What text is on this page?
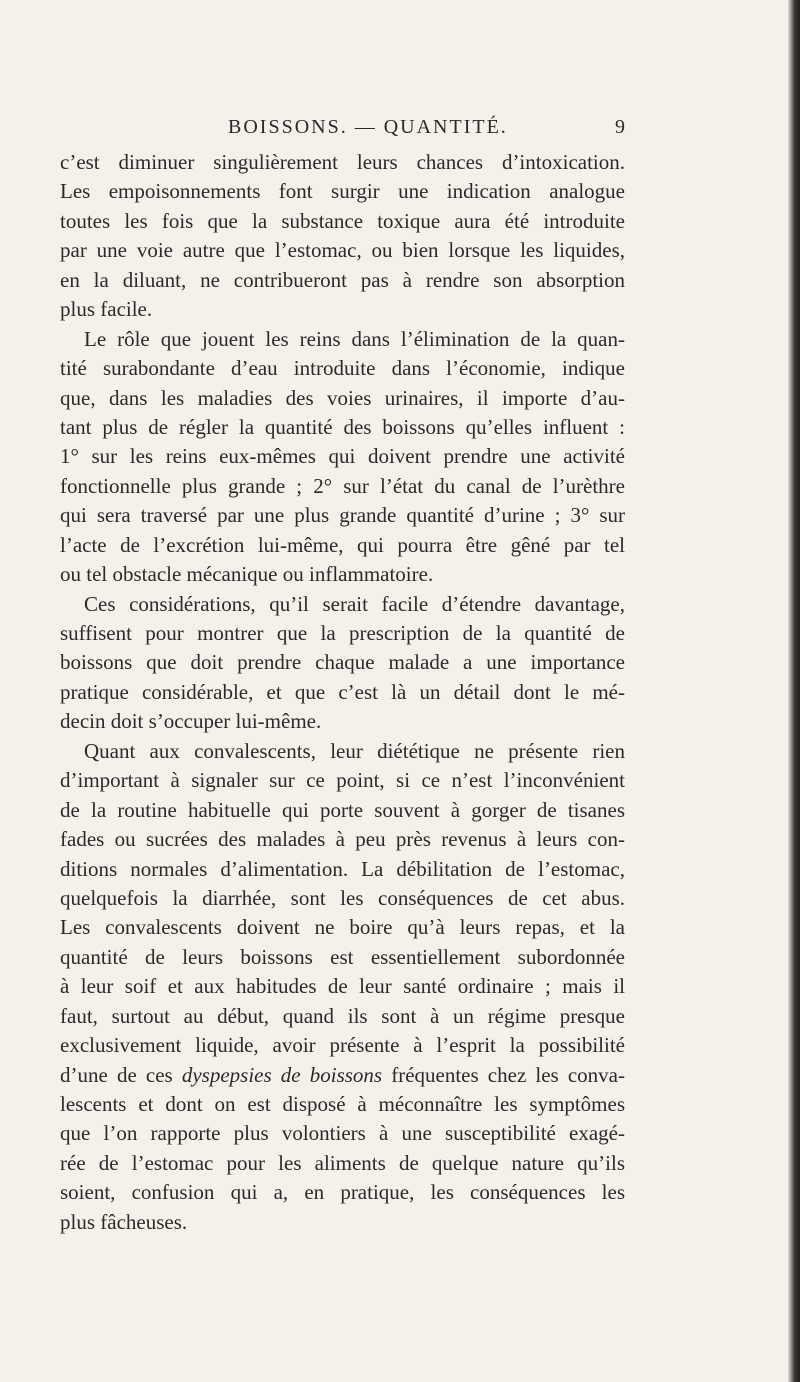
BOISSONS. — QUANTITÉ.	9
c’est diminuer singulièrement leurs chances d’intoxication.
Les empoisonnements font surgir une indication analogue
toutes les fois que la substance toxique aura été introduite
par une voie autre que l’estomac, ou bien lorsque les liquides,
en la diluant, ne contribueront pas à rendre son absorption
plus facile.
Le rôle que jouent les reins dans l’élimination de la quan-
tité surabondante d’eau introduite dans l’économie, indique
que, dans les maladies des voies urinaires, il importe d’au-
tant plus de régler la quantité des boissons qu’elles influent :
1° sur les reins eux-mêmes qui doivent prendre une activité
fonctionnelle plus grande ; 2° sur l’état du canal de l’urèthre
qui sera traversé par une plus grande quantité d’urine ; 3° sur
l’acte de l’excrétion lui-même, qui pourra être gêné par tel
ou tel obstacle mécanique ou inflammatoire.
Ces considérations, qu’il serait facile d’étendre davantage,
suffisent pour montrer que la prescription de la quantité de
boissons que doit prendre chaque malade a une importance
pratique considérable, et que c’est là un détail dont le mé-
decin doit s’occuper lui-même.
Quant aux convalescents, leur diététique ne présente rien
d’important à signaler sur ce point, si ce n’est l’inconvénient
de la routine habituelle qui porte souvent à gorger de tisanes
fades ou sucrées des malades à peu près revenus à leurs con-
ditions normales d’alimentation. La débilitation de l’estomac,
quelquefois la diarrhée, sont les conséquences de cet abus.
Les convalescents doivent ne boire qu’à leurs repas, et la
quantité de leurs boissons est essentiellement subordonnée
à leur soif et aux habitudes de leur santé ordinaire ; mais il
faut, surtout au début, quand ils sont à un régime presque
exclusivement liquide, avoir présente à l’esprit la possibilité
d’une de ces dyspepsies de boissons fréquentes chez les conva-
lescents et dont on est disposé à méconnaître les symptômes
que l’on rapporte plus volontiers à une susceptibilité exagé-
rée de l’estomac pour les aliments de quelque nature qu’ils
soient, confusion qui a, en pratique, les conséquences les
plus fâcheuses.
